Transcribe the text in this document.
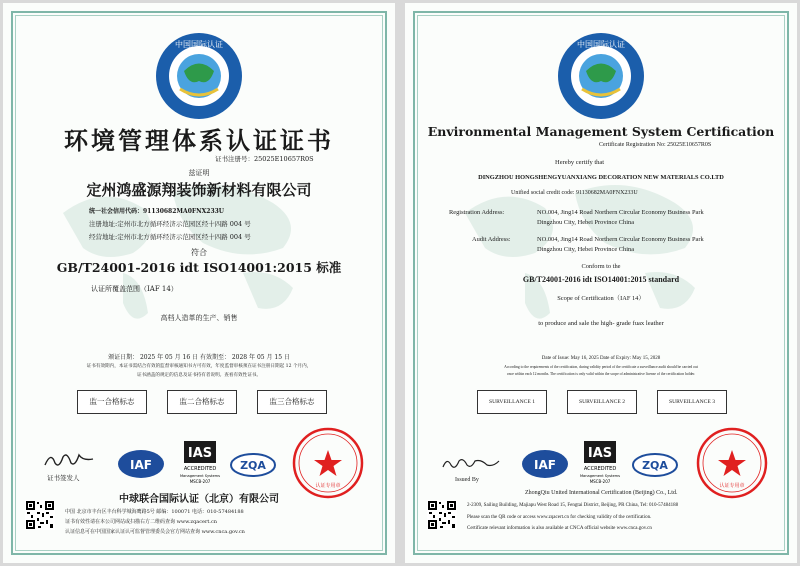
中国国际认证
环境管理体系认证证书
证书注册号：25025E10657R0S
兹证明
定州鸿盛源翔装饰新材料有限公司
统一社会信用代码：91130682MA0FNX233U
注册地址:定州市北方循环经济示范园区经十四路 004 号
经营地址:定州市北方循环经济示范园区经十四路 004 号
符合
GB/T24001-2016 idt ISO14001:2015 标准
认证所覆盖范围（IAF 14）
高档人造革的生产、销售
颁证日期： 2025 年 05 月 16 日 有效期至： 2028 年 05 月 15 日
证书有效期内，本证书需结合有效的监督审核通知书方可有效，年度监督审核须在证书注册日期起 12 个月内，
证书涵盖的规定的信息及证书持有者说明。查看有效性证书。
监一合格标志	监二合格标志	监三合格标志
证书签发人
IAF
IAS
ACCREDITED
Management Systems
MSCB-207
ZQA
认证专用章
中球联合国际认证（北京）有限公司
中国 北京市丰台区丰台科学城海鹰路5号 邮编：100071 电话：010-57484188
证书有效性请在本公司网站或扫描右方二维码查询 www.zqacert.cn
认证信息可在中国国家认证认可监督管理委员会官方网站查询 www.cnca.gov.cn
中国国际认证
Environmental Management System Certification
Certificate Registration No: 25025E10657R0S
Hereby certify that
DINGZHOU HONGSHENGYUANXIANG DECORATION NEW MATERIALS CO.LTD
Unified social credit code: 91130682MA0FNX233U
Registration Address:	NO.004, Jing14 Road Northern Circular Economy Business Park
Dingzhou City, Hebei Province China
Audit Address:	NO.004, Jing14 Road Northern Circular Economy Business Park
Dingzhou City, Hebei Province China
Conform to the
GB/T24001-2016 idt ISO14001:2015 standard
Scope of Certification（IAF 14）
to produce and sale the high- grade fuax leather
Date of Issue: May 16, 2025 Date of Expiry: May 15, 2028
According to the requirements of the certification, during validity period of the certificate a surveillance audit should be carried out
once within each 12 months. The certification is only valid within the scope of administrative license of the certification holder.
SURVEILLANCE 1	SURVEILLANCE 2	SURVEILLANCE 3
Issued By
IAF
IAS
ACCREDITED
Management Systems
MSCB-207
ZQA
认证专用章
ZhongQiu United International Certification (Beijing) Co., Ltd.
2-2309, Sailing Building, Majiapu West Road 15, Fengtai District, Beijing, PR China, Tel: 010-57484188
Please scan the QR code or access www.zqacert.cn for checking validity of the certification.
Certificate relevant information is also available at CNCA official website www.cnca.gov.cn
